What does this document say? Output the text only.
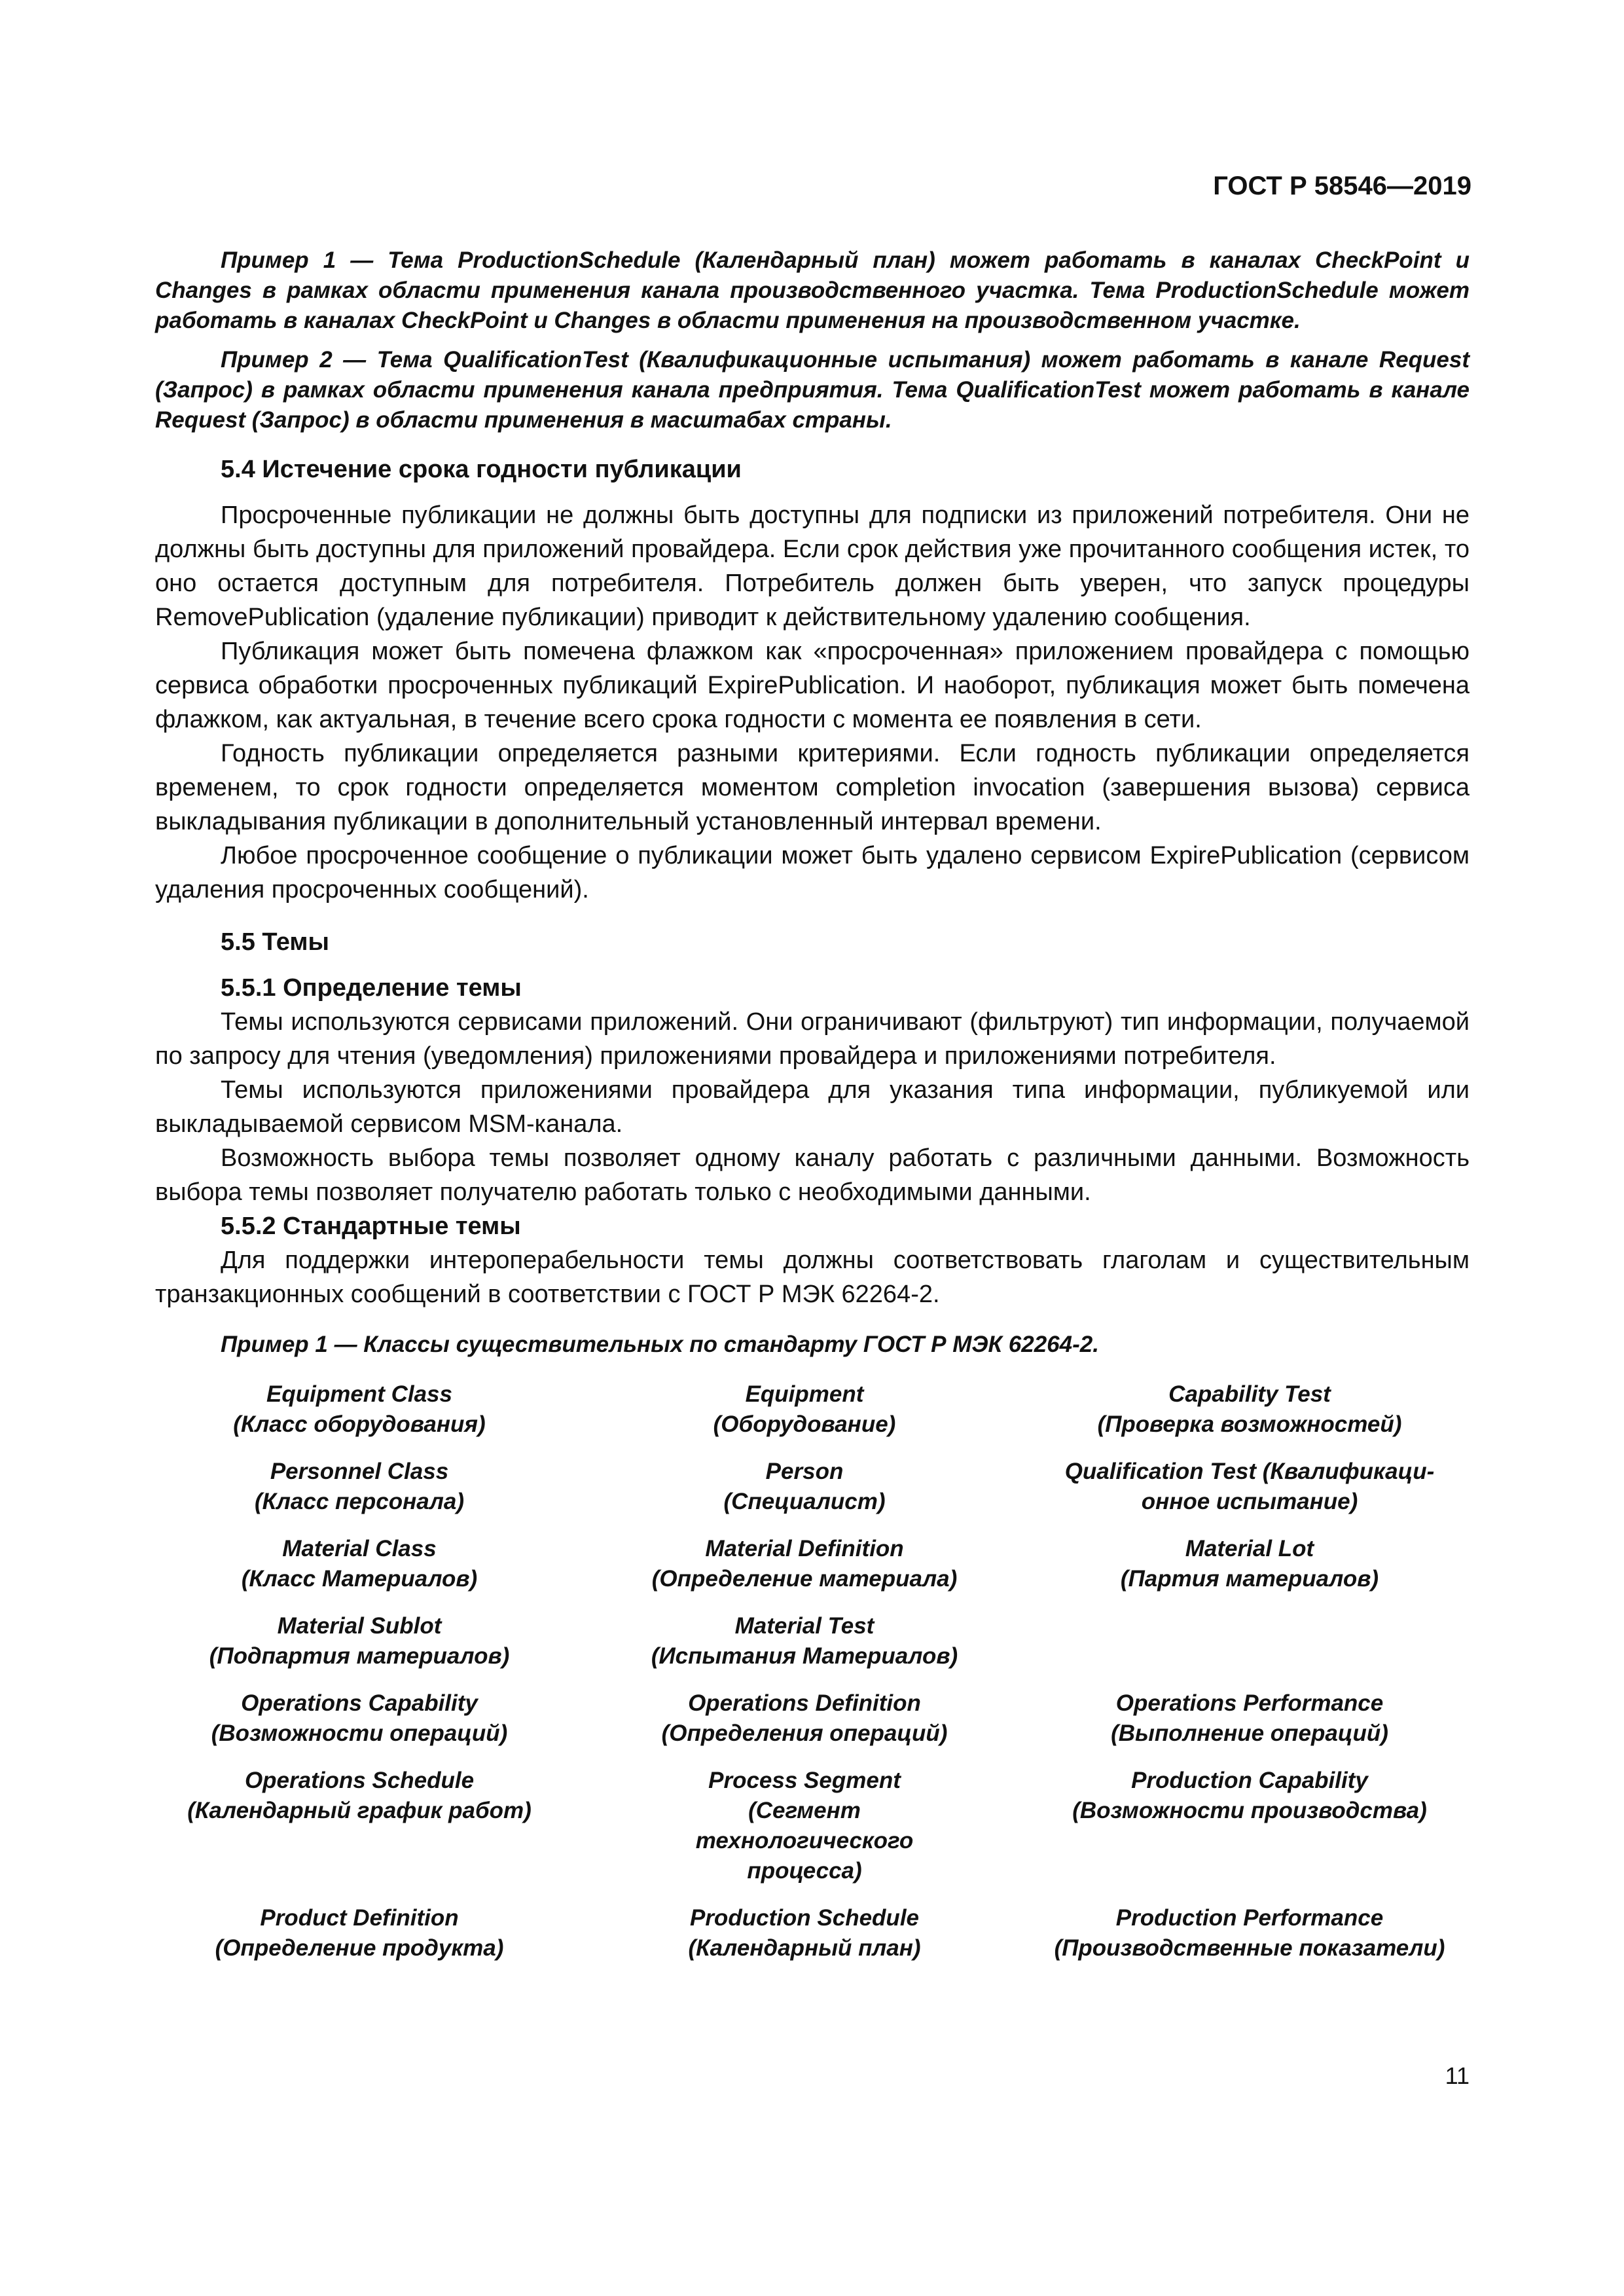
ГОСТ Р 58546—2019

Пример 1 — Тема ProductionSchedule (Календарный план) может работать в каналах CheckPoint и Changes в рамках области применения канала производственного участка. Тема ProductionSchedule может работать в каналах CheckPoint и Changes в области применения на производственном участке.

Пример 2 — Тема QualificationTest (Квалификационные испытания) может работать в канале Request (Запрос) в рамках области применения канала предприятия. Тема QualificationTest может работать в канале Request (Запрос) в области применения в масштабах страны.

5.4 Истечение срока годности публикации

Просроченные публикации не должны быть доступны для подписки из приложений потребителя. Они не должны быть доступны для приложений провайдера. Если срок действия уже прочитанного сообщения истек, то оно остается доступным для потребителя. Потребитель должен быть уверен, что запуск процедуры RemovePublication (удаление публикации) приводит к действительному удалению сообщения.

Публикация может быть помечена флажком как «просроченная» приложением провайдера с помощью сервиса обработки просроченных публикаций ExpirePublication. И наоборот, публикация может быть помечена флажком, как актуальная, в течение всего срока годности с момента ее появления в сети.

Годность публикации определяется разными критериями. Если годность публикации определяется временем, то срок годности определяется моментом completion invocation (завершения вызова) сервиса выкладывания публикации в дополнительный установленный интервал времени.

Любое просроченное сообщение о публикации может быть удалено сервисом ExpirePublication (сервисом удаления просроченных сообщений).

5.5 Темы
5.5.1 Определение темы

Темы используются сервисами приложений. Они ограничивают (фильтруют) тип информации, получаемой по запросу для чтения (уведомления) приложениями провайдера и приложениями потребителя.

Темы используются приложениями провайдера для указания типа информации, публикуемой или выкладываемой сервисом MSM-канала.

Возможность выбора темы позволяет одному каналу работать с различными данными. Возможность выбора темы позволяет получателю работать только с необходимыми данными.

5.5.2 Стандартные темы

Для поддержки интероперабельности темы должны соответствовать глаголам и существительным транзакционных сообщений в соответствии с ГОСТ Р МЭК 62264-2.

Пример 1 — Классы существительных по стандарту ГОСТ Р МЭК 62264-2.
Equipment Class
(Класс оборудования)
Equipment
(Оборудование)
Capability Test
(Проверка возможностей)
Personnel Class
(Класс персонала)
Person
(Специалист)
Qualification Test (Квалификаци-
онное испытание)
Material Class
(Класс Материалов)
Material Definition
(Определение материала)
Material Lot
(Партия материалов)
Material Sublot
(Подпартия материалов)
Material Test
(Испытания Материалов)
Operations Capability
(Возможности операций)
Operations Definition
(Определения операций)
Operations Performance
(Выполнение операций)
Operations Schedule
(Календарный график работ)
Process Segment
(Сегмент технологического процесса)
Production Capability
(Возможности производства)
Product Definition
(Определение продукта)
Production Schedule
(Календарный план)
Production Performance
(Производственные показатели)
11
